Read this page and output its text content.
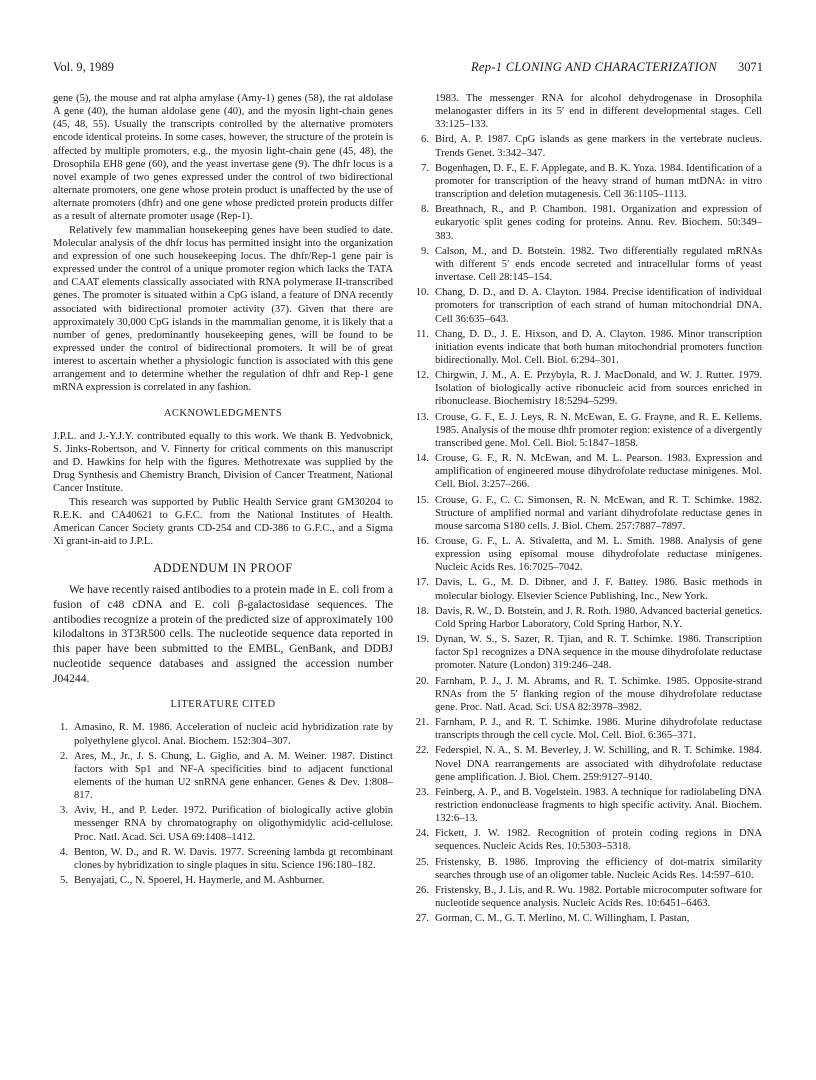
Vol. 9, 1989	Rep-1 CLONING AND CHARACTERIZATION 3071

gene (5), the mouse and rat alpha amylase (Amy-1) genes (58), the rat aldolase A gene (40), the human aldolase gene (40), and the myosin light-chain genes (45, 48, 55). Usually the transcripts controlled by the alternative promoters encode identical proteins. In some cases, however, the structure of the protein is affected by multiple promoters, e.g., the myosin light-chain gene (45, 48), the Drosophila EH8 gene (60), and the yeast invertase gene (9). The dhfr locus is a novel example of two genes expressed under the control of two bidirectional alternate promoters, one gene whose protein product is unaffected by the use of alternate promoters (dhfr) and one gene whose predicted protein products differ as a result of alternate promoter usage (Rep-1).

Relatively few mammalian housekeeping genes have been studied to date. Molecular analysis of the dhfr locus has permitted insight into the organization and expression of one such housekeeping locus. The dhfr/Rep-1 gene pair is expressed under the control of a unique promoter region which lacks the TATA and CAAT elements classically associated with RNA polymerase II-transcribed genes. The promoter is situated within a CpG island, a feature of DNA recently associated with bidirectional promoter activity (37). Given that there are approximately 30,000 CpG islands in the mammalian genome, it is likely that a number of genes, predominantly housekeeping genes, will be found to be expressed under the control of bidirectional promoters. It will be of great interest to ascertain whether a physiologic function is associated with this gene arrangement and to determine whether the regulation of dhfr and Rep-1 gene mRNA expression is correlated in any fashion.

ACKNOWLEDGMENTS

J.P.L. and J.-Y.J.Y. contributed equally to this work. We thank B. Yedvobnick, S. Jinks-Robertson, and V. Finnerty for critical comments on this manuscript and D. Hawkins for help with the figures. Methotrexate was supplied by the Drug Synthesis and Chemistry Branch, Division of Cancer Treatment, National Cancer Institute.

This research was supported by Public Health Service grant GM30204 to R.E.K. and CA40621 to G.F.C. from the National Institutes of Health. American Cancer Society grants CD-254 and CD-386 to G.F.C., and a Sigma Xi grant-in-aid to J.P.L.

ADDENDUM IN PROOF

We have recently raised antibodies to a protein made in E. coli from a fusion of c48 cDNA and E. coli β-galactosidase sequences. The antibodies recognize a protein of the predicted size of approximately 100 kilodaltons in 3T3R500 cells. The nucleotide sequence data reported in this paper have been submitted to the EMBL, GenBank, and DDBJ nucleotide sequence databases and assigned the accession number J04244.

LITERATURE CITED
1. Amasino, R. M. 1986. Acceleration of nucleic acid hybridization rate by polyethylene glycol. Anal. Biochem. 152:304–307.
2. Ares, M., Jr., J. S. Chung, L. Giglio, and A. M. Weiner. 1987. Distinct factors with Sp1 and NF-A specificities bind to adjacent functional elements of the human U2 snRNA gene enhancer. Genes & Dev. 1:808–817.
3. Aviv, H., and P. Leder. 1972. Purification of biologically active globin messenger RNA by chromatography on oligothymidylic acid-cellulose. Proc. Natl. Acad. Sci. USA 69:1408–1412.
4. Benton, W. D., and R. W. Davis. 1977. Screening lambda gt recombinant clones by hybridization to single plaques in situ. Science 196:180–182.
5. Benyajati, C., N. Spoerel, H. Haymerle, and M. Ashburner.

1983. The messenger RNA for alcohol dehydrogenase in Drosophila melanogaster differs in its 5′ end in different developmental stages. Cell 33:125–133.

6. Bird, A. P. 1987. CpG islands as gene markers in the vertebrate nucleus. Trends Genet. 3:342–347.
7. Bogenhagen, D. F., E. F. Applegate, and B. K. Yoza. 1984. Identification of a promoter for transcription of the heavy strand of human mtDNA: in vitro transcription and deletion mutagenesis. Cell 36:1105–1113.
8. Breathnach, R., and P. Chambon. 1981. Organization and expression of eukaryotic split genes coding for proteins. Annu. Rev. Biochem. 50:349–383.
9. Calson, M., and D. Botstein. 1982. Two differentially regulated mRNAs with different 5′ ends encode secreted and intracellular forms of yeast invertase. Cell 28:145–154.
10. Chang, D. D., and D. A. Clayton. 1984. Precise identification of individual promoters for transcription of each strand of human mitochondrial DNA. Cell 36:635–643.
11. Chang, D. D., J. E. Hixson, and D. A. Clayton. 1986. Minor transcription initiation events indicate that both human mitochondrial promoters function bidirectionally. Mol. Cell. Biol. 6:294–301.
12. Chirgwin, J. M., A. E. Przybyla, R. J. MacDonald, and W. J. Rutter. 1979. Isolation of biologically active ribonucleic acid from sources enriched in ribonuclease. Biochemistry 18:5294–5299.
13. Crouse, G. F., E. J. Leys, R. N. McEwan, E. G. Frayne, and R. E. Kellems. 1985. Analysis of the mouse dhfr promoter region: existence of a divergently transcribed gene. Mol. Cell. Biol. 5:1847–1858.
14. Crouse, G. F., R. N. McEwan, and M. L. Pearson. 1983. Expression and amplification of engineered mouse dihydrofolate reductase minigenes. Mol. Cell. Biol. 3:257–266.
15. Crouse, G. F., C. C. Simonsen, R. N. McEwan, and R. T. Schimke. 1982. Structure of amplified normal and variant dihydrofolate reductase genes in mouse sarcoma S180 cells. J. Biol. Chem. 257:7887–7897.
16. Crouse, G. F., L. A. Stivaletta, and M. L. Smith. 1988. Analysis of gene expression using episomal mouse dihydrofolate reductase minigenes. Nucleic Acids Res. 16:7025–7042.
17. Davis, L. G., M. D. Dibner, and J. F. Battey. 1986. Basic methods in molecular biology. Elsevier Science Publishing, Inc., New York.
18. Davis, R. W., D. Botstein, and J. R. Roth. 1980. Advanced bacterial genetics. Cold Spring Harbor Laboratory, Cold Spring Harbor, N.Y.
19. Dynan, W. S., S. Sazer, R. Tjian, and R. T. Schimke. 1986. Transcription factor Sp1 recognizes a DNA sequence in the mouse dihydrofolate reductase promoter. Nature (London) 319:246–248.
20. Farnham, P. J., J. M. Abrams, and R. T. Schimke. 1985. Opposite-strand RNAs from the 5′ flanking region of the mouse dihydrofolate reductase gene. Proc. Natl. Acad. Sci. USA 82:3978–3982.
21. Farnham, P. J., and R. T. Schimke. 1986. Murine dihydrofolate reductase transcripts through the cell cycle. Mol. Cell. Biol. 6:365–371.
22. Federspiel, N. A., S. M. Beverley, J. W. Schilling, and R. T. Schimke. 1984. Novel DNA rearrangements are associated with dihydrofolate reductase gene amplification. J. Biol. Chem. 259:9127–9140.
23. Feinberg, A. P., and B. Vogelstein. 1983. A technique for radiolabeling DNA restriction endonuclease fragments to high specific activity. Anal. Biochem. 132:6–13.
24. Fickett, J. W. 1982. Recognition of protein coding regions in DNA sequences. Nucleic Acids Res. 10:5303–5318.
25. Fristensky, B. 1986. Improving the efficiency of dot-matrix similarity searches through use of an oligomer table. Nucleic Acids Res. 14:597–610.
26. Fristensky, B., J. Lis, and R. Wu. 1982. Portable microcomputer software for nucleotide sequence analysis. Nucleic Acids Res. 10:6451–6463.
27. Gorman, C. M., G. T. Merlino, M. C. Willingham, I. Pastan,
